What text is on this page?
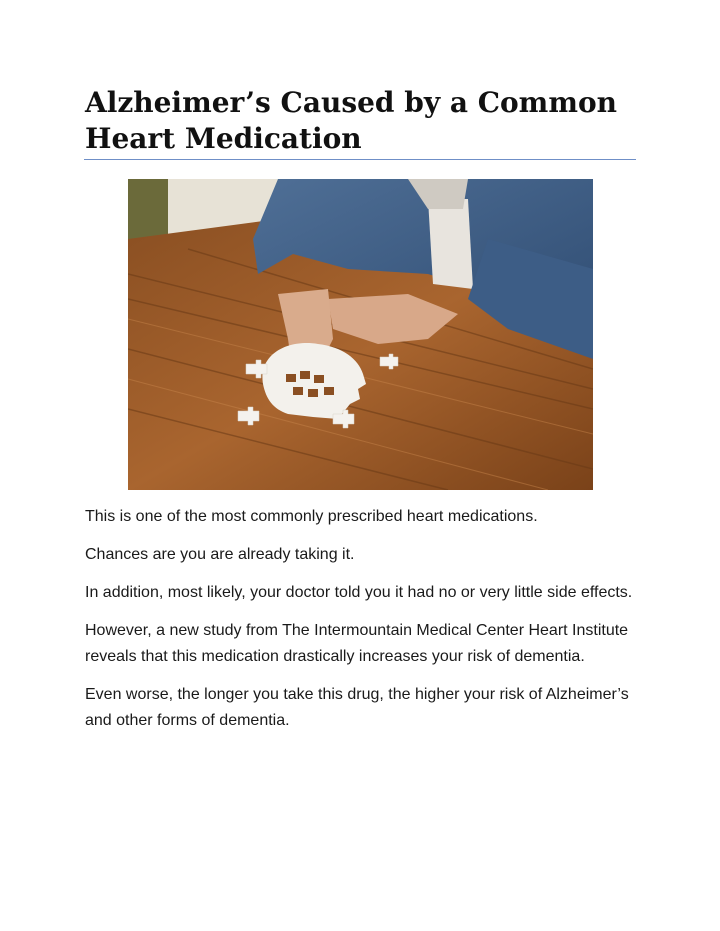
Alzheimer’s Caused by a Common Heart Medication

This is one of the most commonly prescribed heart medications.

Chances are you are already taking it.

In addition, most likely, your doctor told you it had no or very little side effects.

However, a new study from The Intermountain Medical Center Heart Institute reveals that this medication drastically increases your risk of dementia.

Even worse, the longer you take this drug, the higher your risk of Alzheimer’s and other forms of dementia.
